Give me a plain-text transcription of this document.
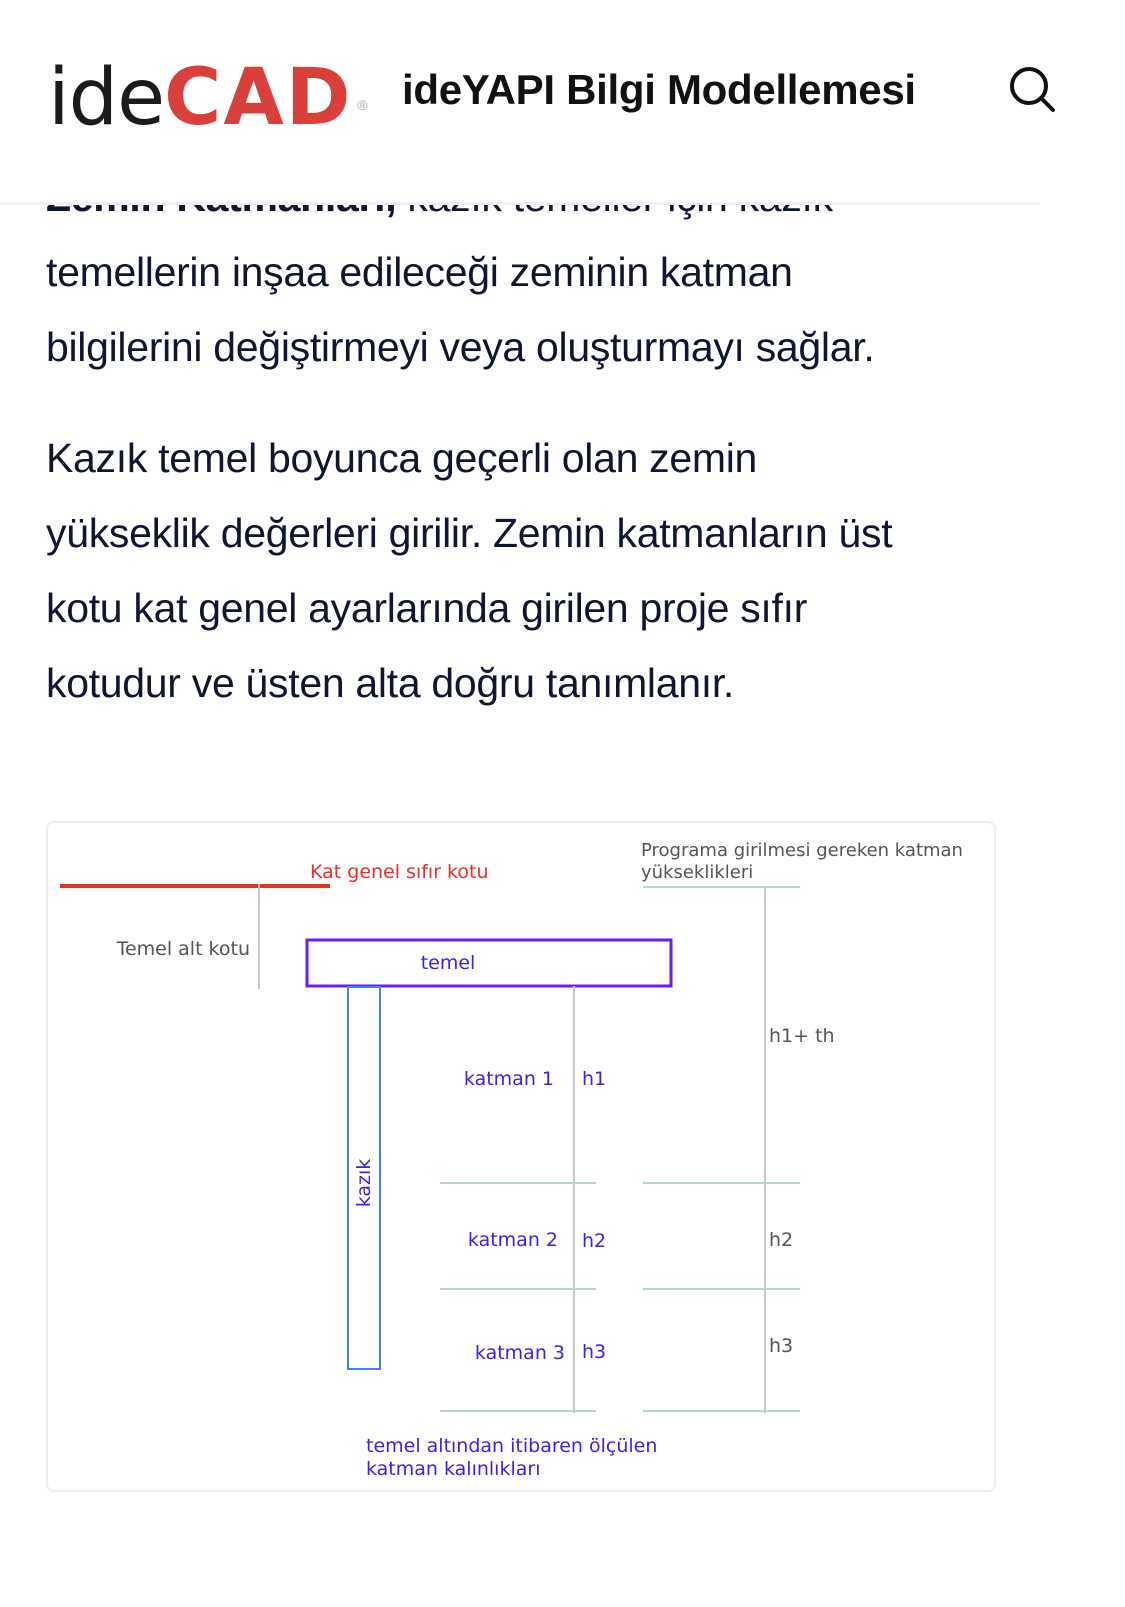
temellerin inşaa edileceği zeminin katman
bilgilerini değiştirmeyi veya oluşturmayı sağlar.
Kazık temel boyunca geçerli olan zemin
yükseklik değerleri girilir. Zemin katmanların üst
kotu kat genel ayarlarında girilen proje sıfır
kotudur ve üsten alta doğru tanımlanır.
Kat genel sıfır kotu
Temel alt kotu
temel
kazık
Programa girilmesi gereken katman
yükseklikleri
katman 1 h1
h1+ th
katman 2 h2	h2
katman 3 h3	h3
temel altından itibaren ölçülen
katman kalınlıkları
ideCAD ® ideYAPI Bilgi Modellemesi
